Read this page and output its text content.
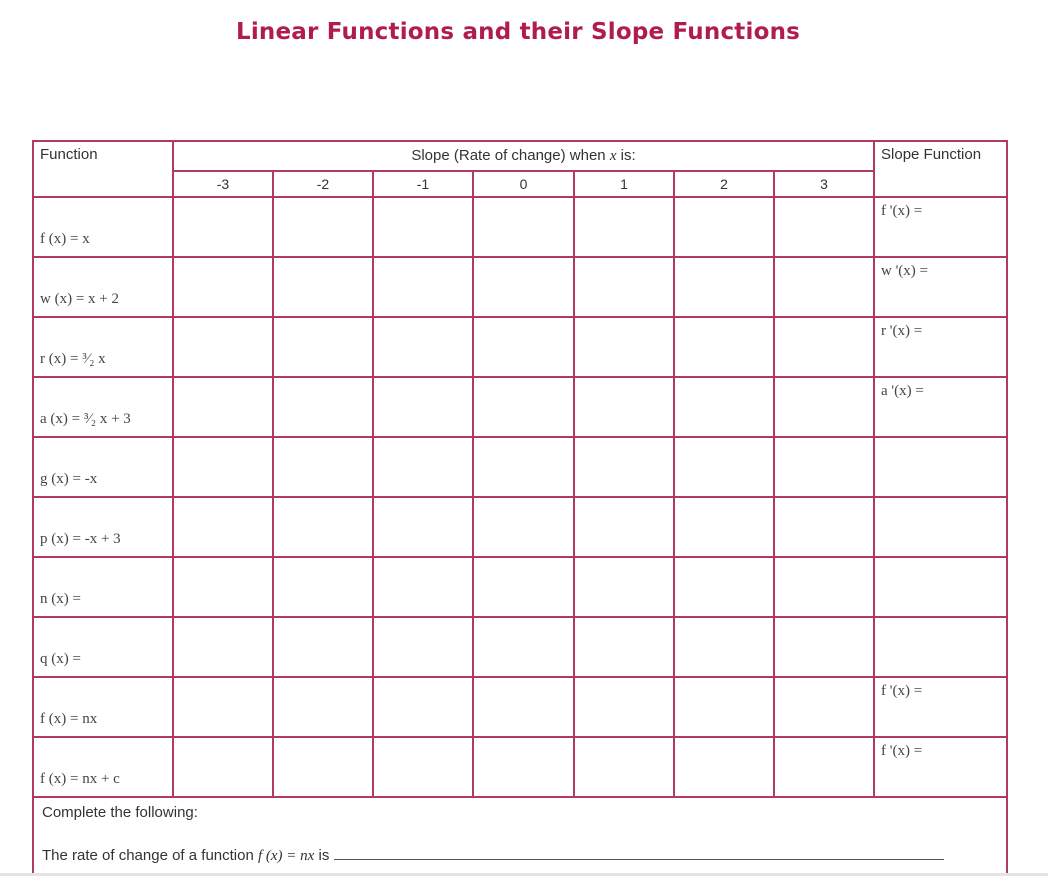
Linear Functions and their Slope Functions
Function	Slope (Rate of change) when x is:							Slope Function
	-3	-2	-1	0	1	2	3	
f (x) = x								f '(x) =
w (x) = x + 2								w '(x) =
r (x) = ³⁄₂ x								r '(x) =
a (x) = ³⁄₂ x + 3								a '(x) =
g (x) = -x								
p (x) = -x + 3								
n (x) =								
q (x) =								
f (x) = nx								f '(x) =
f (x) = nx + c								f '(x) =

Complete the following:
The rate of change of a function f (x) = nx is								
